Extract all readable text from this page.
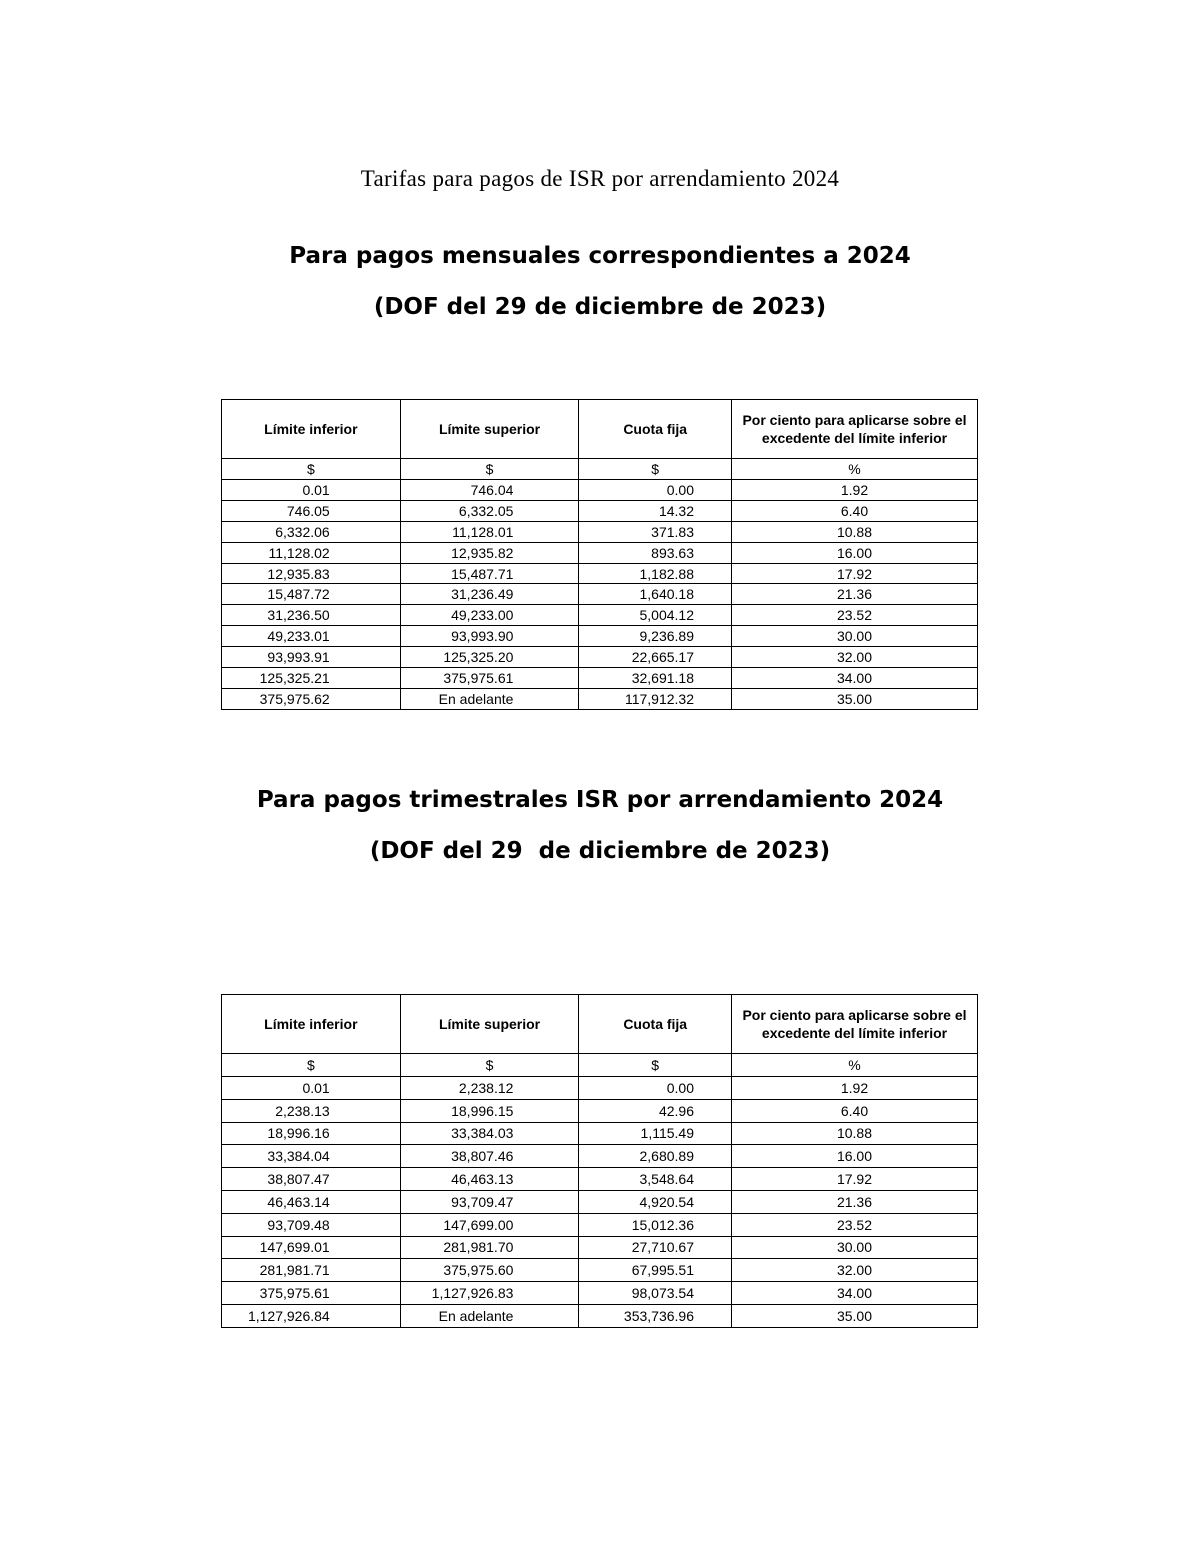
Tarifas para pagos de ISR por arrendamiento 2024
Para pagos mensuales correspondientes a 2024
(DOF del 29 de diciembre de 2023)
Límite inferior	Límite superior	Cuota fija	Por ciento para aplicarse sobre el excedente del límite inferior
$	$	$	%
0.01	746.04	0.00	1.92
746.05	6,332.05	14.32	6.40
6,332.06	11,128.01	371.83	10.88
11,128.02	12,935.82	893.63	16.00
12,935.83	15,487.71	1,182.88	17.92
15,487.72	31,236.49	1,640.18	21.36
31,236.50	49,233.00	5,004.12	23.52
49,233.01	93,993.90	9,236.89	30.00
93,993.91	125,325.20	22,665.17	32.00
125,325.21	375,975.61	32,691.18	34.00
375,975.62	En adelante	117,912.32	35.00
Para pagos trimestrales ISR por arrendamiento 2024
(DOF del 29  de diciembre de 2023)
Límite inferior	Límite superior	Cuota fija	Por ciento para aplicarse sobre el excedente del límite inferior
$	$	$	%
0.01	2,238.12	0.00	1.92
2,238.13	18,996.15	42.96	6.40
18,996.16	33,384.03	1,115.49	10.88
33,384.04	38,807.46	2,680.89	16.00
38,807.47	46,463.13	3,548.64	17.92
46,463.14	93,709.47	4,920.54	21.36
93,709.48	147,699.00	15,012.36	23.52
147,699.01	281,981.70	27,710.67	30.00
281,981.71	375,975.60	67,995.51	32.00
375,975.61	1,127,926.83	98,073.54	34.00
1,127,926.84	En adelante	353,736.96	35.00
